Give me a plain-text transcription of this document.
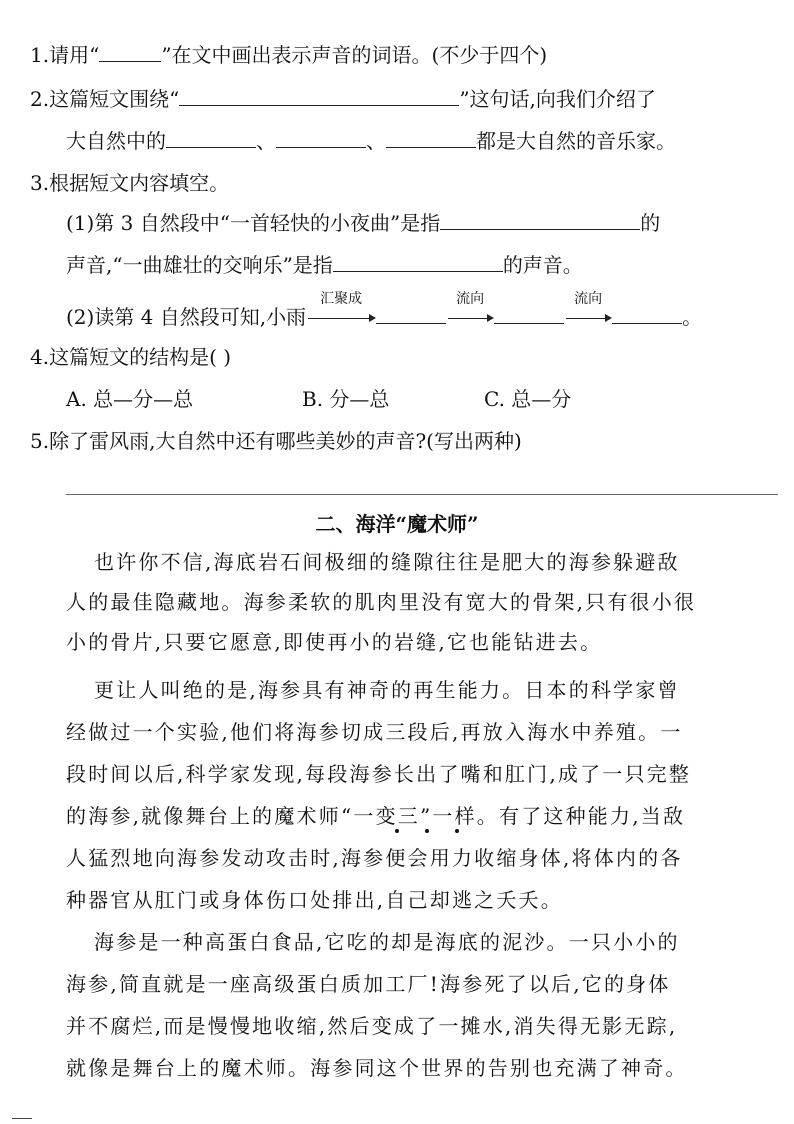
1.请用“	”在文中画出表示声音的词语。(不少于四个)
2.这篇短文围绕“	”这句话,向我们介绍了
大自然中的	、	、	都是大自然的音乐家。
3.根据短文内容填空。
(1)第 3 自然段中“一首轻快的小夜曲”是指	的
声音,“一曲雄壮的交响乐”是指	的声音。
(2)读第 4 自然段可知,小雨
汇聚成	流向	流向
。
4.这篇短文的结构是( )
A. 总—分—总	B. 分—总	C. 总—分
5.除了雷风雨,大自然中还有哪些美妙的声音?(写出两种)
二、海洋“魔术师”
也许你不信,海底岩石间极细的缝隙往往是肥大的海参躲避敌
人的最佳隐藏地。海参柔软的肌肉里没有宽大的骨架,只有很小很
小的骨片,只要它愿意,即使再小的岩缝,它也能钻进去。
更让人叫绝的是,海参具有神奇的再生能力。日本的科学家曾
经做过一个实验,他们将海参切成三段后,再放入海水中养殖。一
段时间以后,科学家发现,每段海参长出了嘴和肛门,成了一只完整
的海参,就像舞台上的魔术师“一变三”一样。有了这种能力,当敌
人猛烈地向海参发动攻击时,海参便会用力收缩身体,将体内的各
种器官从肛门或身体伤口处排出,自己却逃之夭夭。
海参是一种高蛋白食品,它吃的却是海底的泥沙。一只小小的
海参,简直就是一座高级蛋白质加工厂!海参死了以后,它的身体
并不腐烂,而是慢慢地收缩,然后变成了一摊水,消失得无影无踪,
就像是舞台上的魔术师。海参同这个世界的告别也充满了神奇。
